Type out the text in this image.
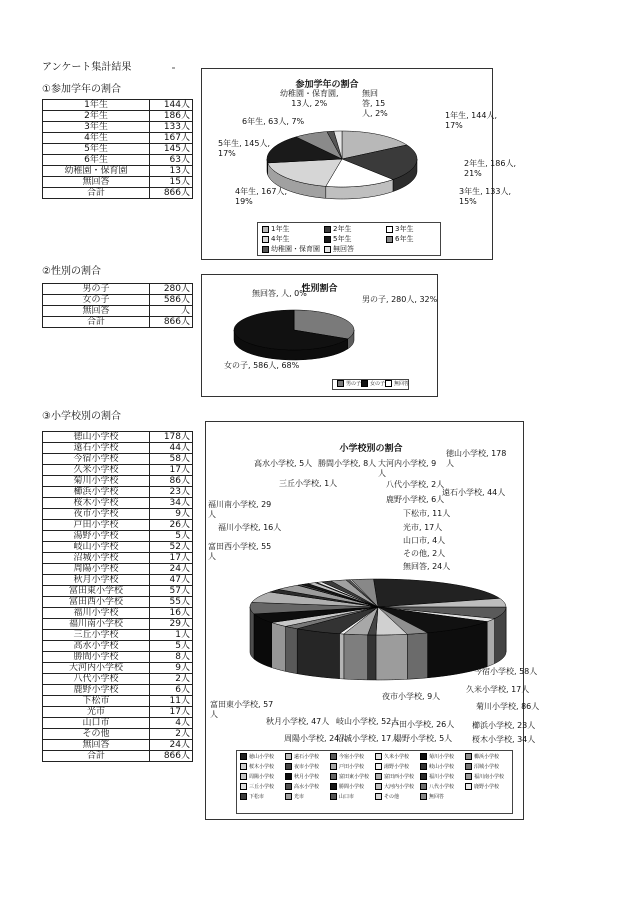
アンケート集計結果
①参加学年の割合
1年生	144人
2年生	186人
3年生	133人
4年生	167人
5年生	145人
6年生	63人
幼稚園・保育園	13人
無回答	15人
合計	866人
参加学年の割合
1年生, 144人,
17%
2年生, 186人,
21%
3年生, 133人,
15%
4年生, 167人,
19%
5年生, 145人,
17%
6年生, 63人, 7%
幼稚園・保育園,
13人, 2%
無回
答, 15
人, 2%
1年生	2年生	3年生
4年生	5年生	6年生
幼稚園・保育園	無回答
②性別の割合
男の子	280人
女の子	586人
無回答	人
合計	866人
性別割合
男の子, 280人, 32%
女の子, 586人, 68%
無回答, 人, 0%
男の子	女の子	無回答
③小学校別の割合
徳山小学校	178人
遠石小学校	44人
今宿小学校	58人
久米小学校	17人
菊川小学校	86人
櫛浜小学校	23人
桜木小学校	34人
夜市小学校	9人
戸田小学校	26人
湯野小学校	5人
岐山小学校	52人
沼城小学校	17人
周陽小学校	24人
秋月小学校	47人
富田東小学校	57人
富田西小学校	55人
福川小学校	16人
福川南小学校	29人
三丘小学校	1人
高水小学校	5人
勝間小学校	8人
大河内小学校	9人
八代小学校	2人
鹿野小学校	6人
下松市	11人
光市	17人
山口市	4人
その他	2人
無回答	24人
合計	866人
小学校別の割合	徳山小学校, 178
人
遠石小学校, 44人
今宿小学校, 58人
久米小学校, 17人
菊川小学校, 86人
櫛浜小学校, 23人
桜木小学校, 34人
夜市小学校, 9人
戸田小学校, 26人
湯野小学校, 5人
岐山小学校, 52人
沼城小学校, 17人
周陽小学校, 24人
秋月小学校, 47人
富田東小学校, 57
人
富田西小学校, 55
人
福川小学校, 16人
福川南小学校, 29
人
三丘小学校, 1人
高水小学校, 5人 勝間小学校, 8人 大河内小学校, 9
人
八代小学校, 2人
鹿野小学校, 6人
下松市, 11人
光市, 17人
山口市, 4人
その他, 2人
無回答, 24人
徳山小学校	遠石小学校	今宿小学校	久米小学校	菊川小学校	櫛浜小学校
桜木小学校	夜市小学校	戸田小学校	湯野小学校	岐山小学校	沼城小学校
周陽小学校	秋月小学校	富田東小学校	富田西小学校	福川小学校	福川南小学校
三丘小学校	高水小学校	勝間小学校	大河内小学校	八代小学校	鹿野小学校
下松市	光市	山口市	その他	無回答
